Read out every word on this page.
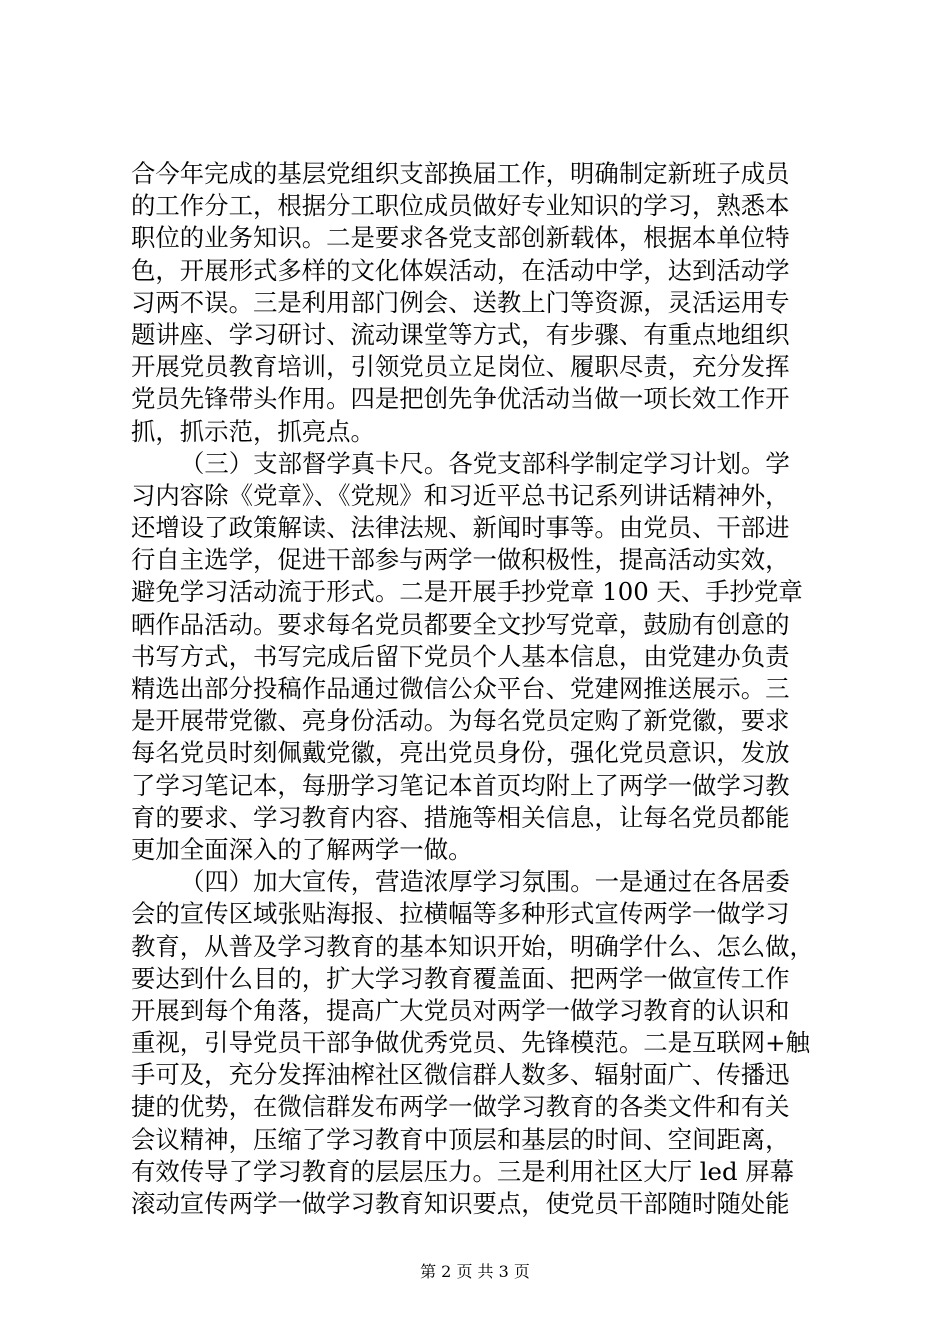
合今年完成的基层党组织支部换届工作，明确制定新班子成员
的工作分工，根据分工职位成员做好专业知识的学习，熟悉本
职位的业务知识。二是要求各党支部创新载体，根据本单位特
色，开展形式多样的文化体娱活动，在活动中学，达到活动学
习两不误。三是利用部门例会、送教上门等资源，灵活运用专
题讲座、学习研讨、流动课堂等方式，有步骤、有重点地组织
开展党员教育培训，引领党员立足岗位、履职尽责，充分发挥
党员先锋带头作用。四是把创先争优活动当做一项长效工作开
抓，抓示范，抓亮点。
（三）支部督学真卡尺。各党支部科学制定学习计划。学
习内容除《党章》、《党规》和习近平总书记系列讲话精神外，
还增设了政策解读、法律法规、新闻时事等。由党员、干部进
行自主选学，促进干部参与两学一做积极性，提高活动实效，
避免学习活动流于形式。二是开展手抄党章 100 天、手抄党章
晒作品活动。要求每名党员都要全文抄写党章，鼓励有创意的
书写方式，书写完成后留下党员个人基本信息，由党建办负责
精选出部分投稿作品通过微信公众平台、党建网推送展示。三
是开展带党徽、亮身份活动。为每名党员定购了新党徽，要求
每名党员时刻佩戴党徽，亮出党员身份，强化党员意识，发放
了学习笔记本，每册学习笔记本首页均附上了两学一做学习教
育的要求、学习教育内容、措施等相关信息，让每名党员都能
更加全面深入的了解两学一做。
（四）加大宣传，营造浓厚学习氛围。一是通过在各居委
会的宣传区域张贴海报、拉横幅等多种形式宣传两学一做学习
教育，从普及学习教育的基本知识开始，明确学什么、怎么做，
要达到什么目的，扩大学习教育覆盖面、把两学一做宣传工作
开展到每个角落，提高广大党员对两学一做学习教育的认识和
重视，引导党员干部争做优秀党员、先锋模范。二是互联网+触
手可及，充分发挥油榨社区微信群人数多、辐射面广、传播迅
捷的优势，在微信群发布两学一做学习教育的各类文件和有关
会议精神，压缩了学习教育中顶层和基层的时间、空间距离，
有效传导了学习教育的层层压力。三是利用社区大厅 led 屏幕
滚动宣传两学一做学习教育知识要点，使党员干部随时随处能
第 2 页 共 3 页
